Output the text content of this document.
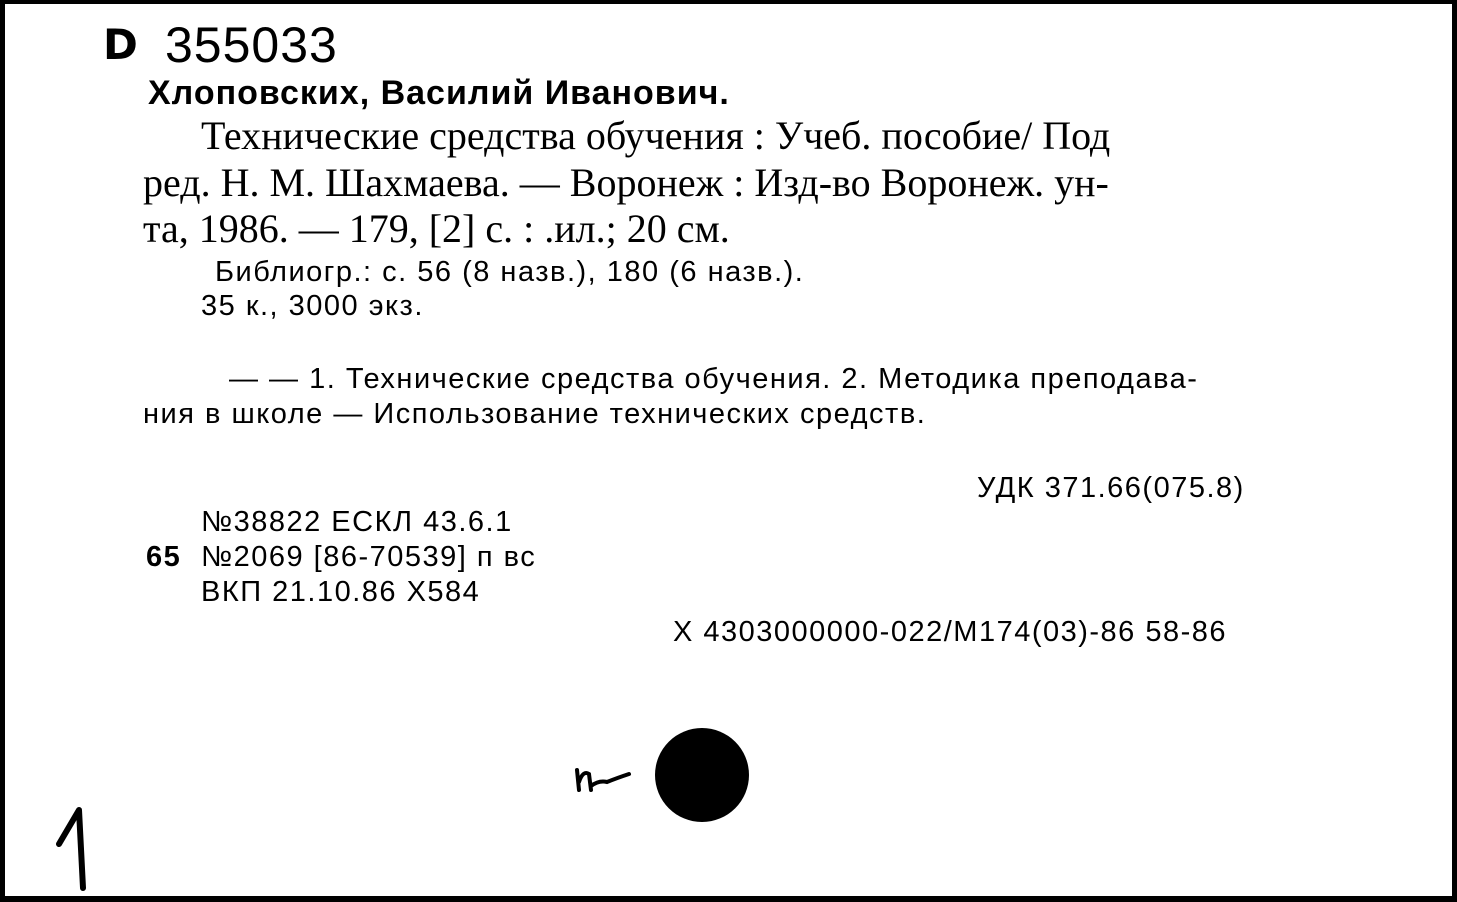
D 355033
Хлоповских, Василий Иванович.
Технические средства обучения : Учеб. пособие/ Под
ред. Н. М. Шахмаева. — Воронеж : Изд-во Воронеж. ун-
та, 1986. — 179, [2] с. : .ил.; 20 см.
Библиогр.: с. 56 (8 назв.), 180 (6 назв.).
35 к., 3000 экз.
— — 1. Технические средства обучения. 2. Методика преподава-
ния в школе — Использование технических средств.
УДК 371.66(075.8)
№38822 ЕСКЛ 43.6.1
65 №2069 [86-70539] п вс
ВКП 21.10.86 Х584
Х 4303000000-022/М174(03)-86 58-86
